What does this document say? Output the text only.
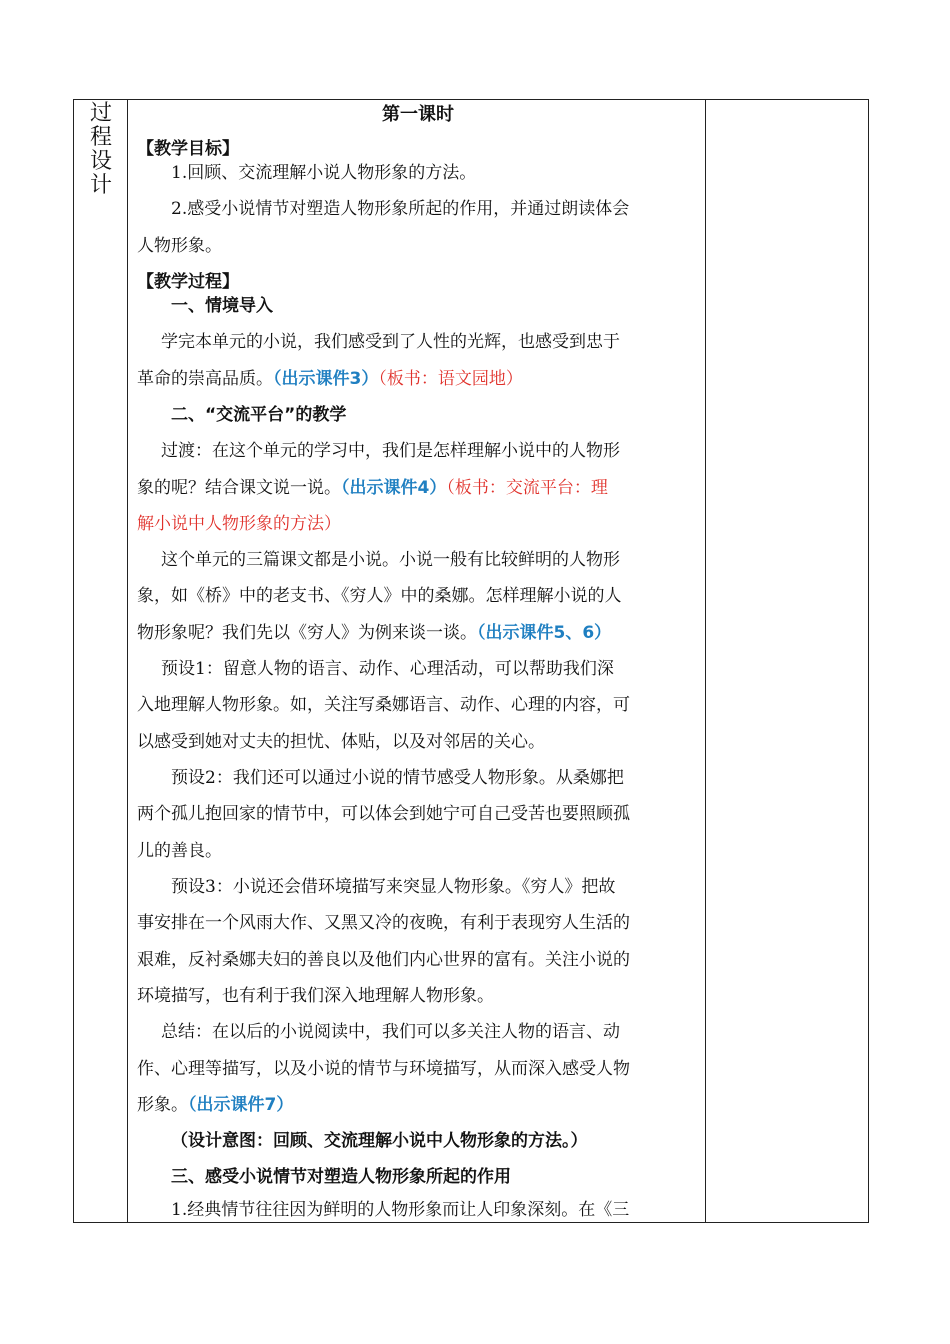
过
程
设
计
第一课时
【教学目标】
1.回顾、交流理解小说人物形象的方法。
2.感受小说情节对塑造人物形象所起的作用，并通过朗读体会
人物形象。
【教学过程】
一、情境导入
学完本单元的小说，我们感受到了人性的光辉，也感受到忠于
革命的崇高品质。（出示课件3）（板书：语文园地）
二、“交流平台”的教学
过渡：在这个单元的学习中，我们是怎样理解小说中的人物形
象的呢？结合课文说一说。（出示课件4）（板书：交流平台：理
解小说中人物形象的方法）
这个单元的三篇课文都是小说。小说一般有比较鲜明的人物形
象，如《桥》中的老支书、《穷人》中的桑娜。怎样理解小说的人
物形象呢？我们先以《穷人》为例来谈一谈。（出示课件5、6）
预设1：留意人物的语言、动作、心理活动，可以帮助我们深
入地理解人物形象。如，关注写桑娜语言、动作、心理的内容，可
以感受到她对丈夫的担忧、体贴，以及对邻居的关心。
预设2：我们还可以通过小说的情节感受人物形象。从桑娜把
两个孤儿抱回家的情节中，可以体会到她宁可自己受苦也要照顾孤
儿的善良。
预设3：小说还会借环境描写来突显人物形象。《穷人》把故
事安排在一个风雨大作、又黑又冷的夜晚，有利于表现穷人生活的
艰难，反衬桑娜夫妇的善良以及他们内心世界的富有。关注小说的
环境描写，也有利于我们深入地理解人物形象。
总结：在以后的小说阅读中，我们可以多关注人物的语言、动
作、心理等描写，以及小说的情节与环境描写，从而深入感受人物
形象。（出示课件7）
（设计意图：回顾、交流理解小说中人物形象的方法。）
三、感受小说情节对塑造人物形象所起的作用
1.经典情节往往因为鲜明的人物形象而让人印象深刻。在《三
